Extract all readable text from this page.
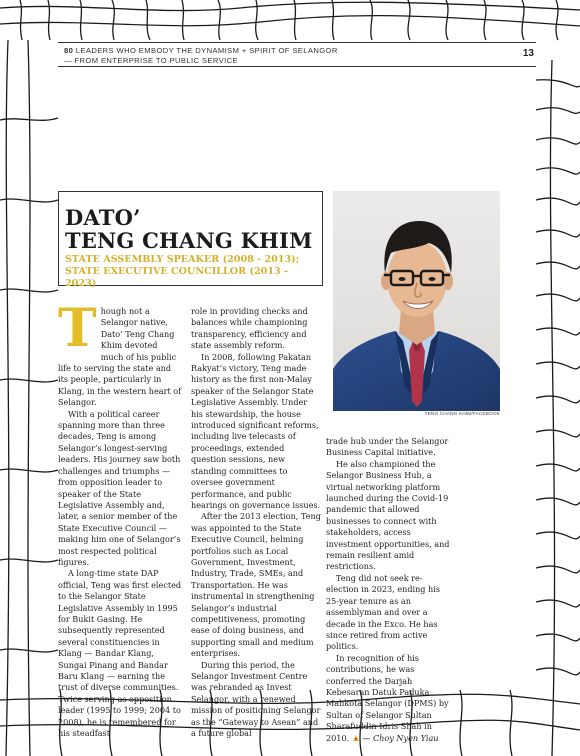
80 LEADERS WHO EMBODY THE DYNAMISM + SPIRIT OF SELANGOR
— FROM ENTERPRISE TO PUBLIC SERVICE
13
DATO’
TENG CHANG KHIM
STATE ASSEMBLY SPEAKER (2008 - 2013);
STATE EXECUTIVE COUNCILLOR (2013 - 2023)
TENG CHANG KHIM/FACEBOOK

Though not a Selangor native, Dato’ Teng Chang Khim devoted much of his public life to serving the state and its people, particularly in Klang, in the western heart of Selangor.

With a political career spanning more than three decades, Teng is among Selangor’s longest-serving leaders. His journey saw both challenges and triumphs — from opposition leader to speaker of the State Legislative Assembly and, later, a senior member of the State Executive Council — making him one of Selangor’s most respected political figures.

A long-time state DAP official, Teng was first elected to the Selangor State Legislative Assembly in 1995 for Bukit Gasing. He subsequently represented several constituencies in Klang — Bandar Klang, Sungai Pinang and Bandar Baru Klang — earning the trust of diverse communities. Twice serving as opposition leader (1995 to 1999; 2004 to 2008), he is remembered for his steadfast

role in providing checks and balances while championing transparency, efficiency and state assembly reform.

In 2008, following Pakatan Rakyat’s victory, Teng made history as the first non-Malay speaker of the Selangor State Legislative Assembly. Under his stewardship, the house introduced significant reforms, including live telecasts of proceedings, extended question sessions, new standing committees to oversee government performance, and public hearings on governance issues.

After the 2013 election, Teng was appointed to the State Executive Council, helming portfolios such as Local Government, Investment, Industry, Trade, SMEs, and Transportation. He was instrumental in strengthening Selangor’s industrial competitiveness, promoting ease of doing business, and supporting small and medium enterprises.

During this period, the Selangor Investment Centre was rebranded as Invest Selangor, with a renewed mission of positioning Selangor as the “Gateway to Asean” and a future global

trade hub under the Selangor Business Capital initiative.

He also championed the Selangor Business Hub, a virtual networking platform launched during the Covid-19 pandemic that allowed businesses to connect with stakeholders, access investment opportunities, and remain resilient amid restrictions.

Teng did not seek re-election in 2023, ending his 25-year tenure as an assemblyman and over a decade in the Exco. He has since retired from active politics.

In recognition of his contributions, he was conferred the Darjah Kebesaran Datuk Paduka Mahkota Selangor (DPMS) by Sultan of Selangor Sultan Sharafuddin Idris Shah in 2010. — Choy Nyen Yiau
